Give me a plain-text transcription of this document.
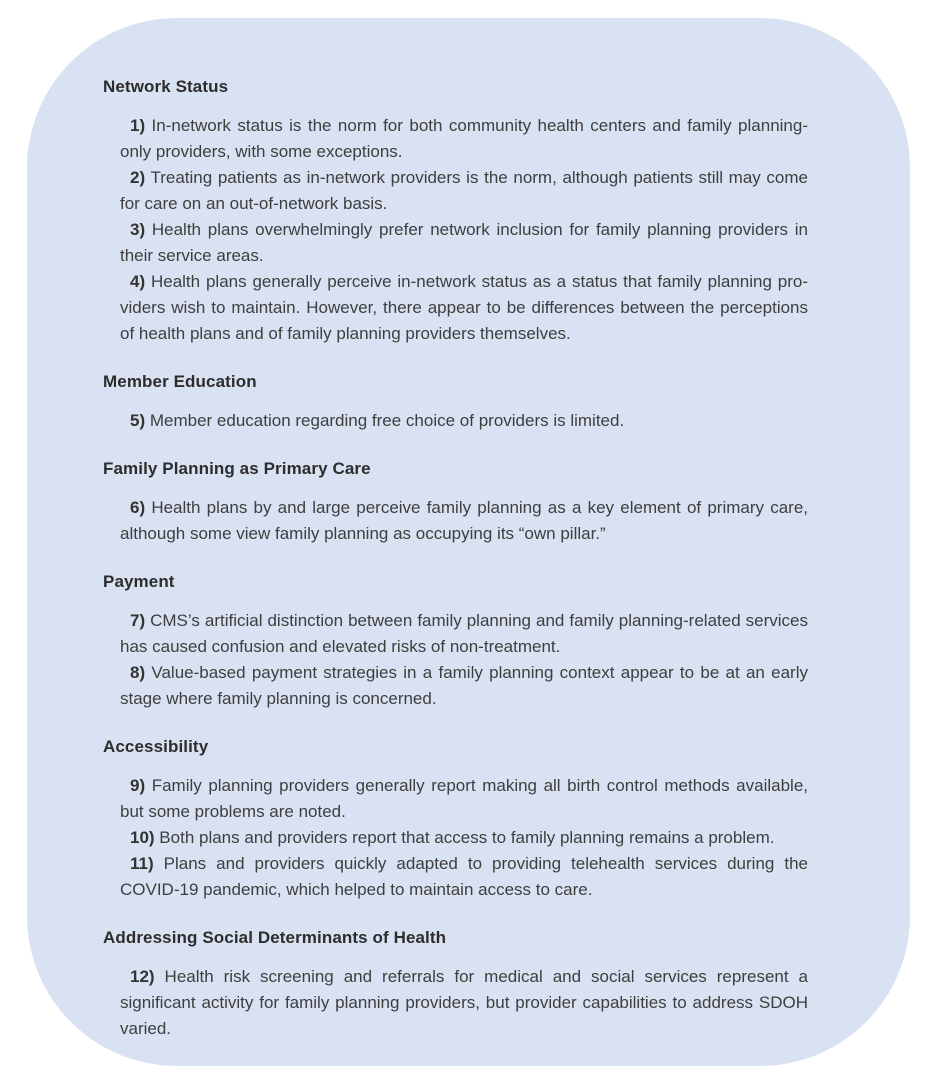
Network Status

1) In-network status is the norm for both community health centers and family planning-only providers, with some exceptions.

2) Treating patients as in-network providers is the norm, although patients still may come for care on an out-of-network basis.

3) Health plans overwhelmingly prefer network inclusion for family planning providers in their service areas.

4) Health plans generally perceive in-network status as a status that family planning pro-viders wish to maintain. However, there appear to be differences between the perceptions of health plans and of family planning providers themselves.

Member Education

5) Member education regarding free choice of providers is limited.

Family Planning as Primary Care

6) Health plans by and large perceive family planning as a key element of primary care, although some view family planning as occupying its “own pillar.”

Payment

7) CMS’s artificial distinction between family planning and family planning-related services has caused confusion and elevated risks of non-treatment.

8) Value-based payment strategies in a family planning context appear to be at an early stage where family planning is concerned.

Accessibility

9) Family planning providers generally report making all birth control methods available, but some problems are noted.

10) Both plans and providers report that access to family planning remains a problem.

11) Plans and providers quickly adapted to providing telehealth services during the COVID-19 pandemic, which helped to maintain access to care.

Addressing Social Determinants of Health

12) Health risk screening and referrals for medical and social services represent a significant activity for family planning providers, but provider capabilities to address SDOH varied.
